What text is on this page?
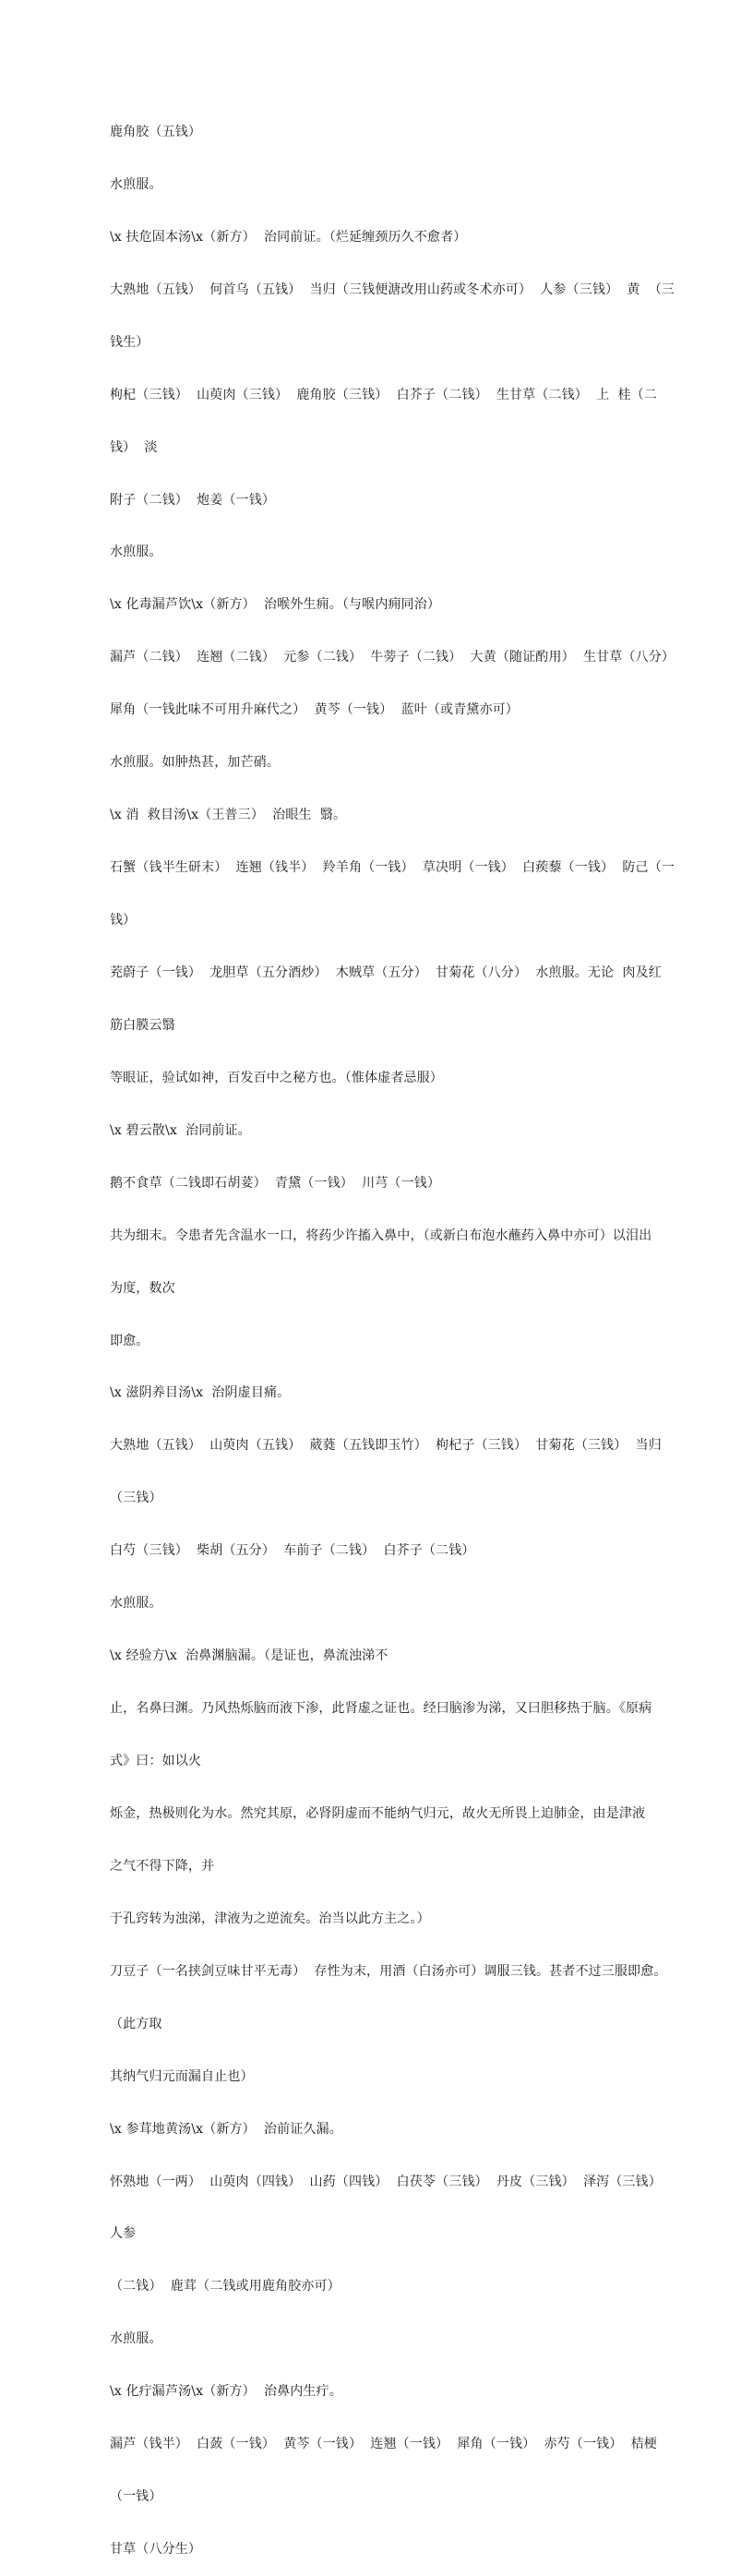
鹿角胶（五钱）

水煎服。

\x 扶危固本汤\x（新方）  治同前证。（烂延缠颈历久不愈者）

大熟地（五钱）  何首乌（五钱）  当归（三钱便溏改用山药或冬术亦可）  人参（三钱）  黄  （三

钱生）

枸杞（三钱）  山萸肉（三钱）  鹿角胶（三钱）  白芥子（二钱）  生甘草（二钱）  上  桂（二

钱）  淡

附子（二钱）  炮姜（一钱）

水煎服。

\x 化毒漏芦饮\x（新方）  治喉外生痈。（与喉内痈同治）

漏芦（二钱）  连翘（二钱）  元参（二钱）  牛蒡子（二钱）  大黄（随证酌用）  生甘草（八分）

犀角（一钱此味不可用升麻代之）  黄芩（一钱）  蓝叶（或青黛亦可）

水煎服。如肿热甚，加芒硝。

\x 消  救目汤\x（王普三）  治眼生  翳。

石蟹（钱半生研末）  连翘（钱半）  羚羊角（一钱）  草决明（一钱）  白蒺藜（一钱）  防己（一

钱）

茺蔚子（一钱）  龙胆草（五分酒炒）  木贼草（五分）  甘菊花（八分）  水煎服。无论  肉及红

筋白膜云翳

等眼证，验试如神，百发百中之秘方也。（惟体虚者忌服）

\x 碧云散\x  治同前证。

鹅不食草（二钱即石胡荽）  青黛（一钱）  川芎（一钱）

共为细末。令患者先含温水一口，将药少许搐入鼻中，（或新白布泡水蘸药入鼻中亦可）以泪出

为度，数次

即愈。

\x 滋阴养目汤\x  治阴虚目痛。

大熟地（五钱）  山萸肉（五钱）  葳蕤（五钱即玉竹）  枸杞子（三钱）  甘菊花（三钱）  当归

（三钱）

白芍（三钱）  柴胡（五分）  车前子（二钱）  白芥子（二钱）

水煎服。

\x 经验方\x  治鼻渊脑漏。（是证也，鼻流浊涕不

止，名鼻曰渊。乃风热烁脑而液下渗，此肾虚之证也。经曰脑渗为涕，又曰胆移热于脑。《原病

式》曰：如以火

烁金，热极则化为水。然究其原，必肾阴虚而不能纳气归元，故火无所畏上迫肺金，由是津液

之气不得下降，并

于孔窍转为浊涕，津液为之逆流矣。治当以此方主之。）

刀豆子（一名挟剑豆味甘平无毒）  存性为末，用酒（白汤亦可）调服三钱。甚者不过三服即愈。

（此方取

其纳气归元而漏自止也）

\x 参茸地黄汤\x（新方）  治前证久漏。

怀熟地（一两）  山萸肉（四钱）  山药（四钱）  白茯苓（三钱）  丹皮（三钱）  泽泻（三钱）

人参

（二钱）  鹿茸（二钱或用鹿角胶亦可）

水煎服。

\x 化疔漏芦汤\x（新方）  治鼻内生疔。

漏芦（钱半）  白蔹（一钱）  黄芩（一钱）  连翘（一钱）  犀角（一钱）  赤芍（一钱）  桔梗

（一钱）

甘草（八分生）
